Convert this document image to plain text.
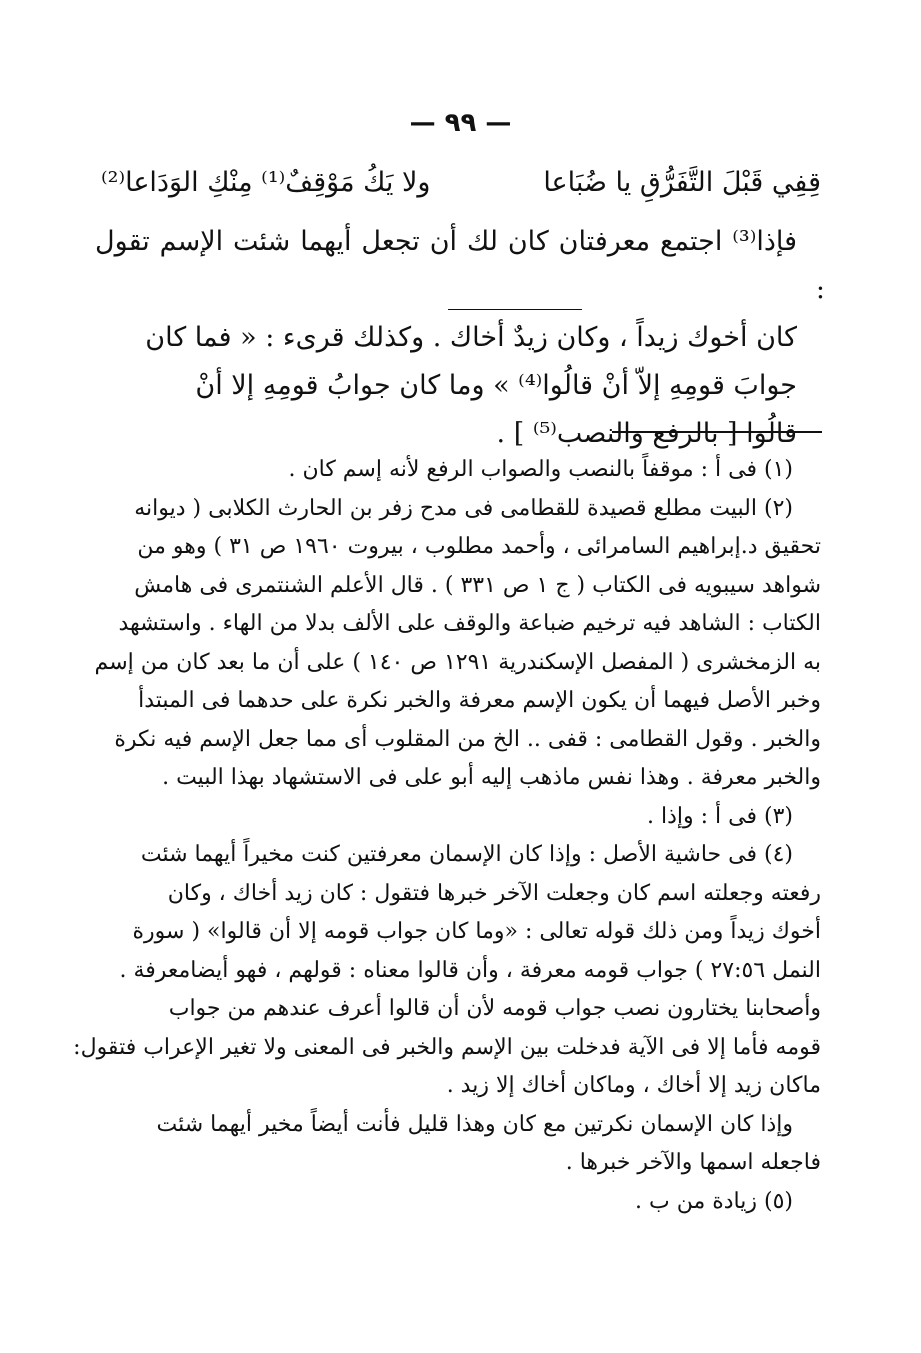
— ٩٩ —
قِفِي قَبْلَ التَّفَرُّقِ يا ضُبَاعا
ولا يَكُ مَوْقِفٌ⁽¹⁾ مِنْكِ الوَدَاعا⁽²⁾

فإذا⁽³⁾ اجتمع معرفتان كان لك أن تجعل أيهما شئت الإسم تقول :
كان أخوك زيداً ، وكان زيدٌ أخاك . وكذلك قرىء : « فما كان
جوابَ قومِهِ إلاّ أنْ قالُوا⁽⁴⁾ » وما كان جوابُ قومِهِ إلا أنْ
قالُوا [ بالرفع والنصب⁽⁵⁾ ] .

(١) فى أ : موقفاً بالنصب والصواب الرفع لأنه إسم كان .

(٢) البيت مطلع قصيدة للقطامى فى مدح زفر بن الحارث الكلابى ( ديوانه
تحقيق د.إبراهيم السامرائى ، وأحمد مطلوب ، بيروت ١٩٦٠ ص ٣١ ) وهو من
شواهد سيبويه فى الكتاب ( ج ١ ص ٣٣١ ) . قال الأعلم الشنتمرى فى هامش
الكتاب : الشاهد فيه ترخيم ضباعة والوقف على الألف بدلا من الهاء . واستشهد
به الزمخشرى ( المفصل الإسكندرية ١٢٩١ ص ١٤٠ ) على أن ما بعد كان من إسم
وخبر الأصل فيهما أن يكون الإسم معرفة والخبر نكرة على حدهما فى المبتدأ
والخبر . وقول القطامى : قفى .. الخ من المقلوب أى مما جعل الإسم فيه نكرة
والخبر معرفة . وهذا نفس ماذهب إليه أبو على فى الاستشهاد بهذا البيت .

(٣) فى أ : وإذا .

(٤) فى حاشية الأصل : وإذا كان الإسمان معرفتين كنت مخيراً أيهما شئت
رفعته وجعلته اسم كان وجعلت الآخر خبرها فتقول : كان زيد أخاك ، وكان
أخوك زيداً ومن ذلك قوله تعالى : «وما كان جواب قومه إلا أن قالوا» ( سورة
النمل ٢٧:٥٦ ) جواب قومه معرفة ، وأن قالوا معناه : قولهم ، فهو أيضامعرفة .
وأصحابنا يختارون نصب جواب قومه لأن أن قالوا أعرف عندهم من جواب
قومه فأما إلا فى الآية فدخلت بين الإسم والخبر فى المعنى ولا تغير الإعراب فتقول:
ماكان زيد إلا أخاك ، وماكان أخاك إلا زيد .

وإذا كان الإسمان نكرتين مع كان وهذا قليل فأنت أيضاً مخير أيهما شئت
فاجعله اسمها والآخر خبرها .

(٥) زيادة من ب .
